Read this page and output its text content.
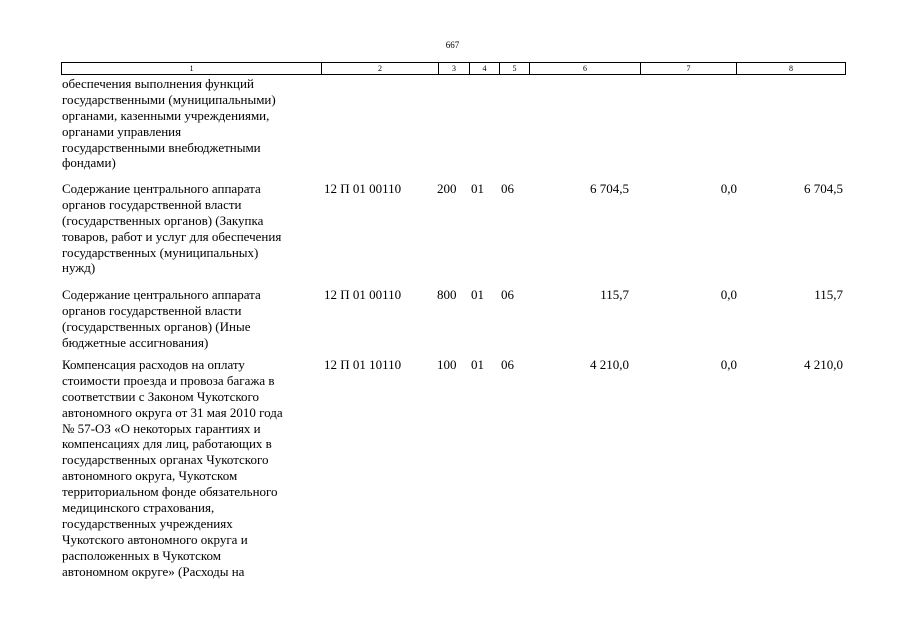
667
1	2	3	4	5	6	7	8
обеспечения выполнения функций
государственными (муниципальными)
органами, казенными учреждениями,
органами управления
государственными внебюджетными
фондами)
Содержание центрального аппарата
органов государственной власти
(государственных органов) (Закупка
товаров, работ и услуг для обеспечения
государственных (муниципальных)
нужд)
12 П 01 00110	200 01 06	6 704,5	0,0	6 704,5
Содержание центрального аппарата
органов государственной власти
(государственных органов) (Иные
бюджетные ассигнования)
12 П 01 00110	800 01 06	115,7	0,0	115,7
Компенсация расходов на оплату
стоимости проезда и провоза багажа в
соответствии с Законом Чукотского
автономного округа от 31 мая 2010 года
№ 57-ОЗ «О некоторых гарантиях и
компенсациях для лиц, работающих в
государственных органах Чукотского
автономного округа, Чукотском
территориальном фонде обязательного
медицинского страхования,
государственных учреждениях
Чукотского автономного округа и
расположенных в Чукотском
автономном округе» (Расходы на
12 П 01 10110	100 01 06	4 210,0	0,0	4 210,0
